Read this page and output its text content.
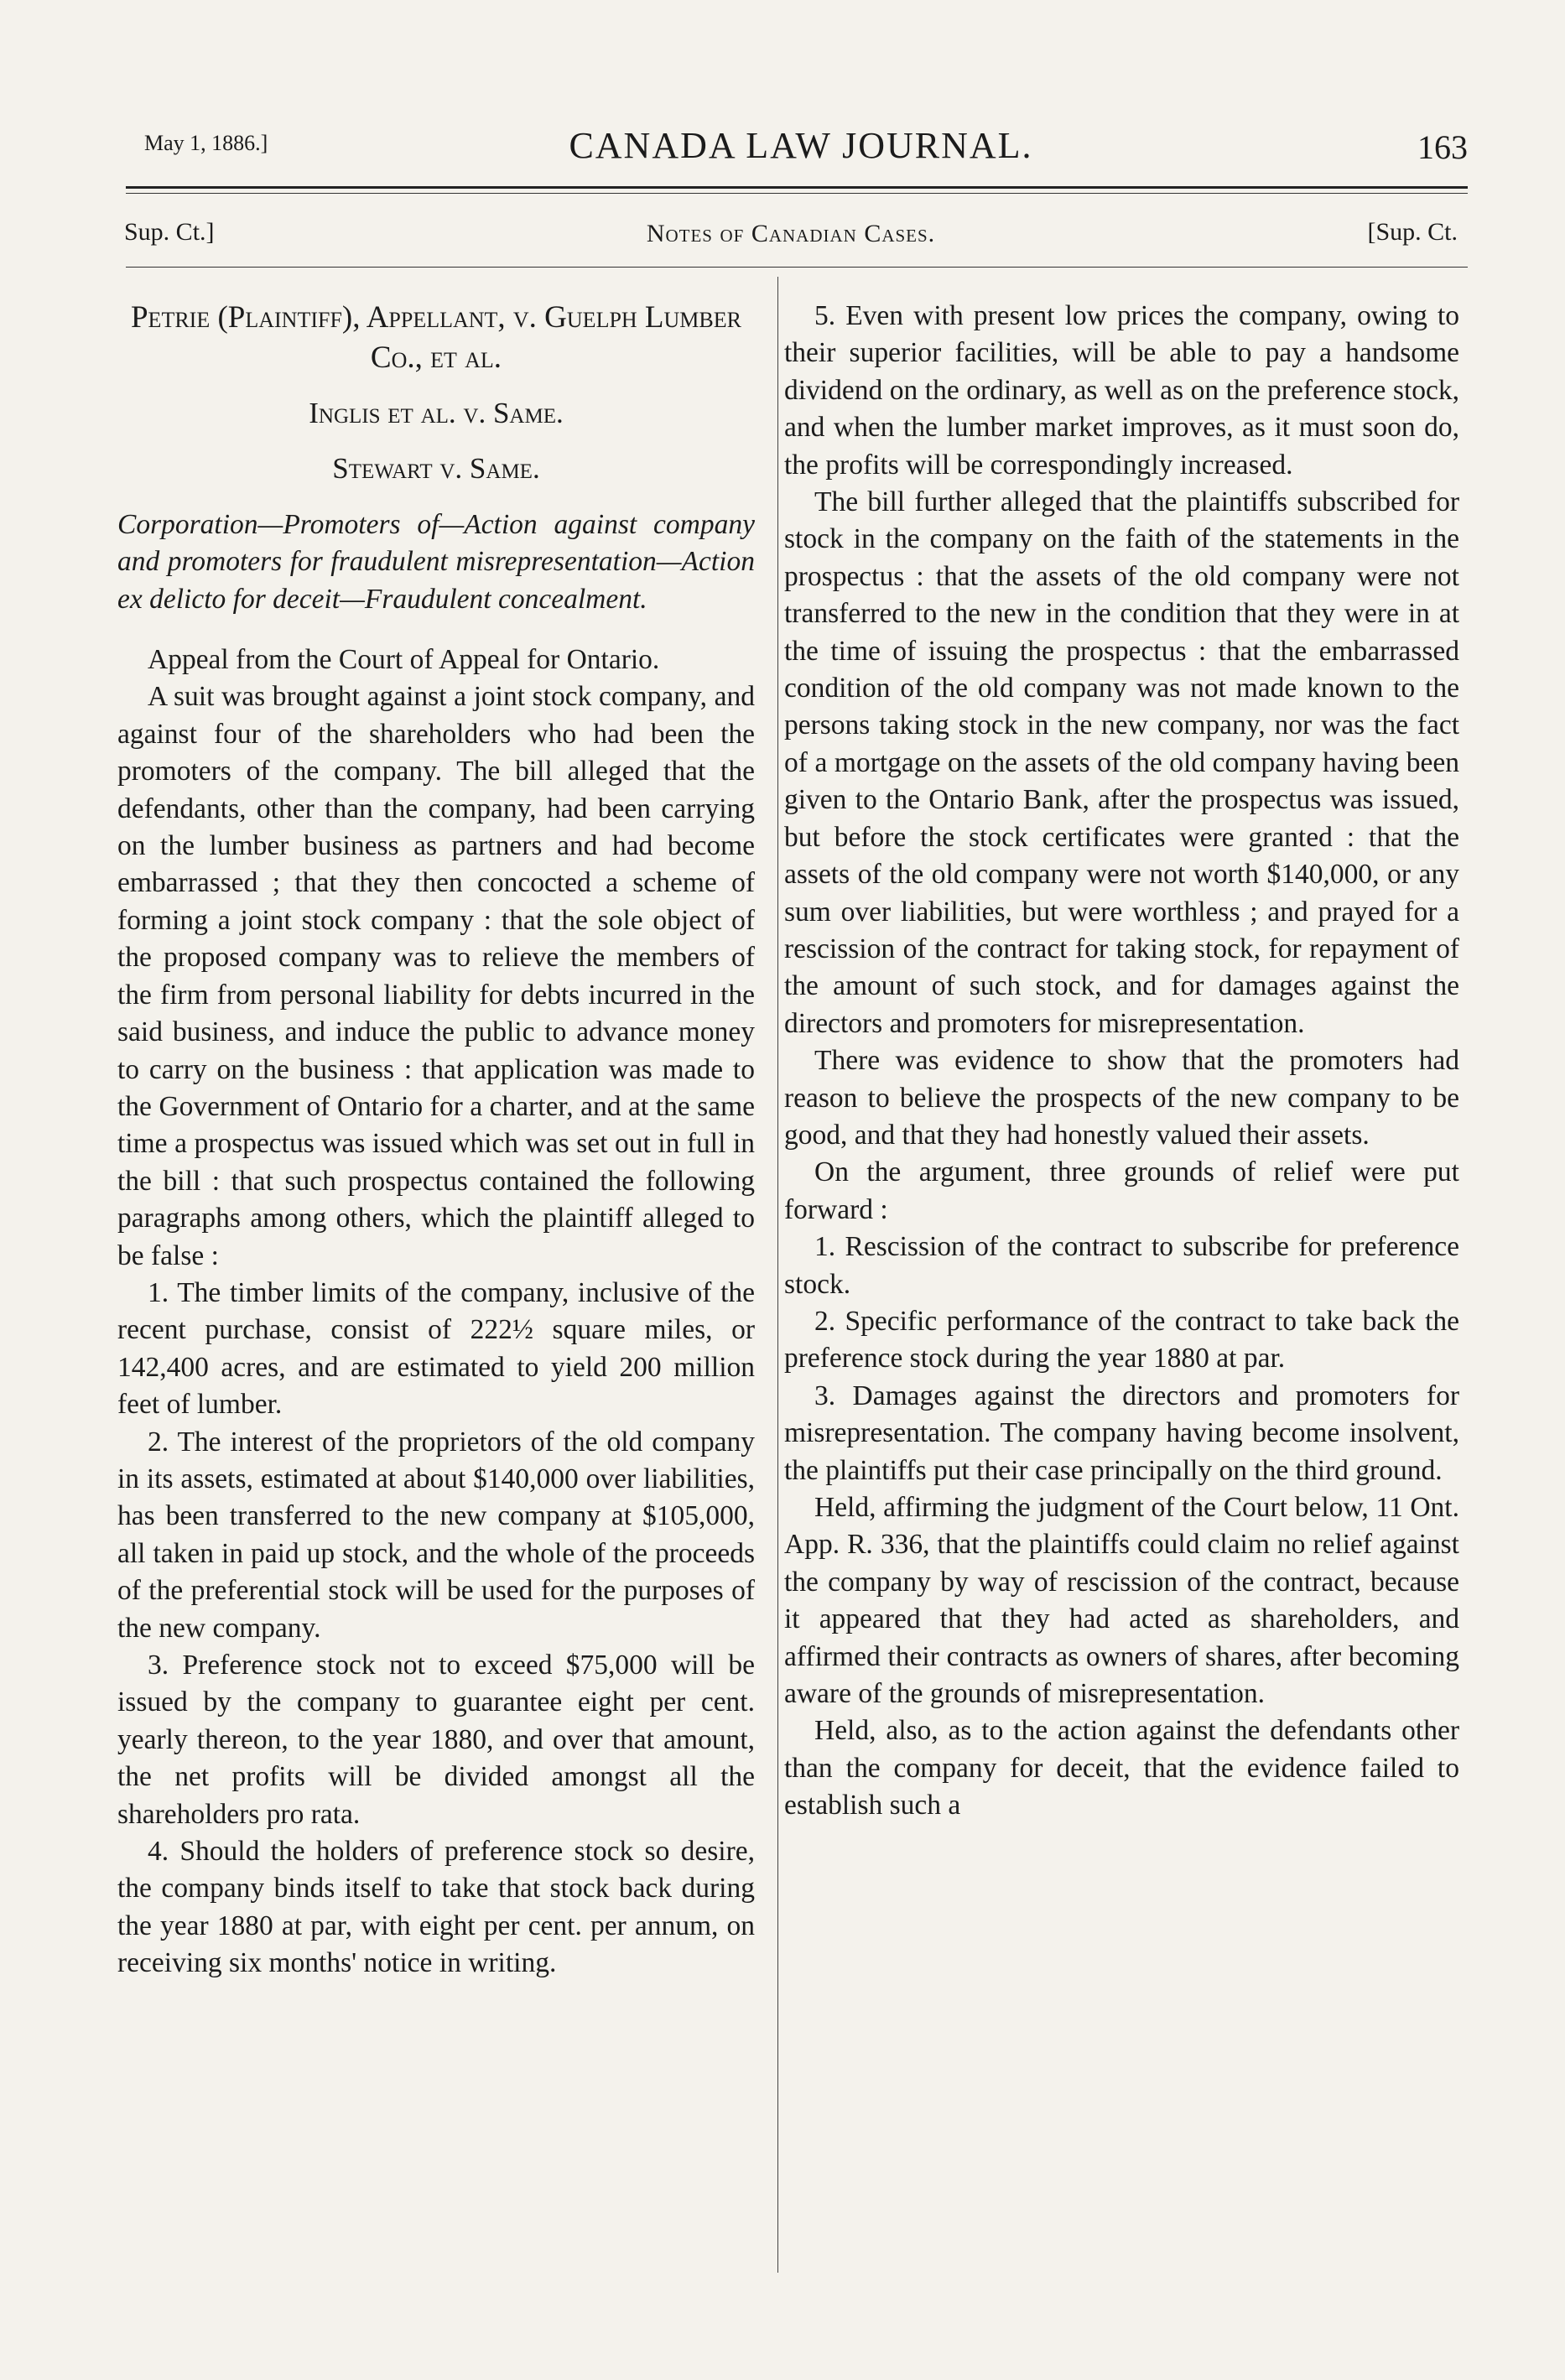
May 1, 1886.]	CANADA LAW JOURNAL.	163
Sup. Ct.]	Notes of Canadian Cases.	[Sup. Ct.
Petrie (Plaintiff), Appellant, v. Guelph Lumber Co., et al.
Inglis et al. v. Same.
Stewart v. Same.
Corporation—Promoters of—Action against company and promoters for fraudulent misrepresentation—Action ex delicto for deceit—Fraudulent concealment.

Appeal from the Court of Appeal for Ontario.

A suit was brought against a joint stock company, and against four of the shareholders who had been the promoters of the company. The bill alleged that the defendants, other than the company, had been carrying on the lumber business as partners and had become embarrassed ; that they then concocted a scheme of forming a joint stock company : that the sole object of the proposed company was to relieve the members of the firm from personal liability for debts incurred in the said business, and induce the public to advance money to carry on the business : that application was made to the Government of Ontario for a charter, and at the same time a prospectus was issued which was set out in full in the bill : that such prospectus contained the following paragraphs among others, which the plaintiff alleged to be false :

1. The timber limits of the company, inclusive of the recent purchase, consist of 222½ square miles, or 142,400 acres, and are estimated to yield 200 million feet of lumber.

2. The interest of the proprietors of the old company in its assets, estimated at about $140,000 over liabilities, has been transferred to the new company at $105,000, all taken in paid up stock, and the whole of the proceeds of the preferential stock will be used for the purposes of the new company.

3. Preference stock not to exceed $75,000 will be issued by the company to guarantee eight per cent. yearly thereon, to the year 1880, and over that amount, the net profits will be divided amongst all the shareholders pro rata.

4. Should the holders of preference stock so desire, the company binds itself to take that stock back during the year 1880 at par, with eight per cent. per annum, on receiving six months' notice in writing.

5. Even with present low prices the company, owing to their superior facilities, will be able to pay a handsome dividend on the ordinary, as well as on the preference stock, and when the lumber market improves, as it must soon do, the profits will be correspondingly increased.

The bill further alleged that the plaintiffs subscribed for stock in the company on the faith of the statements in the prospectus : that the assets of the old company were not transferred to the new in the condition that they were in at the time of issuing the prospectus : that the embarrassed condition of the old company was not made known to the persons taking stock in the new company, nor was the fact of a mortgage on the assets of the old company having been given to the Ontario Bank, after the prospectus was issued, but before the stock certificates were granted : that the assets of the old company were not worth $140,000, or any sum over liabilities, but were worthless ; and prayed for a rescission of the contract for taking stock, for repayment of the amount of such stock, and for damages against the directors and promoters for misrepresentation.

There was evidence to show that the promoters had reason to believe the prospects of the new company to be good, and that they had honestly valued their assets.

On the argument, three grounds of relief were put forward :

1. Rescission of the contract to subscribe for preference stock.

2. Specific performance of the contract to take back the preference stock during the year 1880 at par.

3. Damages against the directors and promoters for misrepresentation. The company having become insolvent, the plaintiffs put their case principally on the third ground.

Held, affirming the judgment of the Court below, 11 Ont. App. R. 336, that the plaintiffs could claim no relief against the company by way of rescission of the contract, because it appeared that they had acted as shareholders, and affirmed their contracts as owners of shares, after becoming aware of the grounds of misrepresentation.

Held, also, as to the action against the defendants other than the company for deceit, that the evidence failed to establish such a
